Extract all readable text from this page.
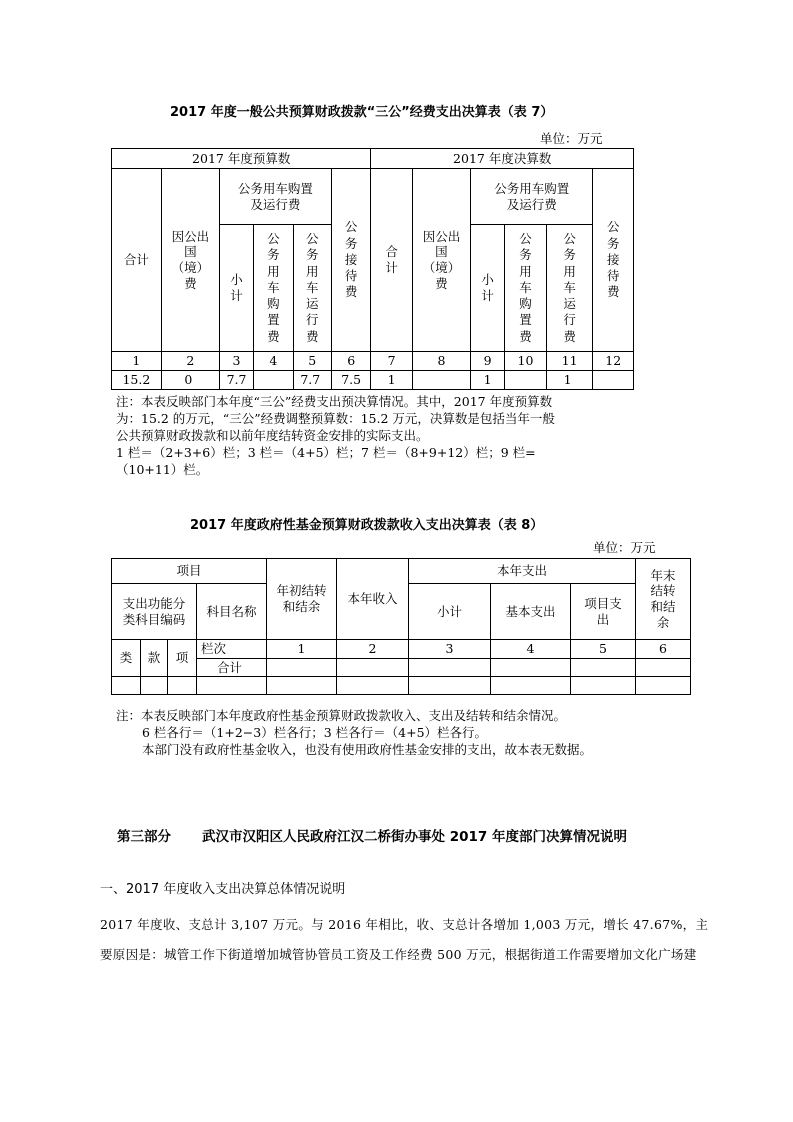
2017 年度一般公共预算财政拨款“三公”经费支出决算表（表 7）
单位：万元
2017 年度预算数						2017 年度决算数					
合计	因公出国（境）费	公务用车购置及运行费			公务接待费	合计	因公出国（境）费	公务用车购置及运行费			公务接待费
		小计	公务用车购置费	公务用车运行费				小计	公务用车购置费	公务用车运行费	
1	2	3	4	5	6	7	8	9	10	11	12
15.2	0	7.7		7.7	7.5	1		1		1	
注：本表反映部门本年度“三公”经费支出预决算情况。其中，2017 年度预算数
为：15.2 的万元，“三公”经费调整预算数：15.2 万元，决算数是包括当年一般
公共预算财政拨款和以前年度结转资金安排的实际支出。
1 栏＝（2+3+6）栏；3 栏＝（4+5）栏；7 栏＝（8+9+12）栏；9 栏=
（10+11）栏。
2017 年度政府性基金预算财政拨款收入支出决算表（表 8）
单位：万元
项目				年初结转和结余	本年收入	本年支出			年末结转和结余
支出功能分类科目编码			科目名称			小计	基本支出	项目支出	
类	款	项	栏次	1	2	3	4	5	6
			合计						

注：本表反映部门本年度政府性基金预算财政拨款收入、支出及结转和结余情况。
6 栏各行＝（1+2−3）栏各行；3 栏各行＝（4+5）栏各行。
本部门没有政府性基金收入，也没有使用政府性基金安排的支出，故本表无数据。
第三部分 武汉市汉阳区人民政府江汉二桥街办事处 2017 年度部门决算情况说明
一、2017 年度收入支出决算总体情况说明
2017 年度收、支总计 3,107 万元。与 2016 年相比，收、支总计各增加 1,003 万元，增长 47.67%，主
要原因是：城管工作下街道增加城管协管员工资及工作经费 500 万元，根据街道工作需要增加文化广场建
